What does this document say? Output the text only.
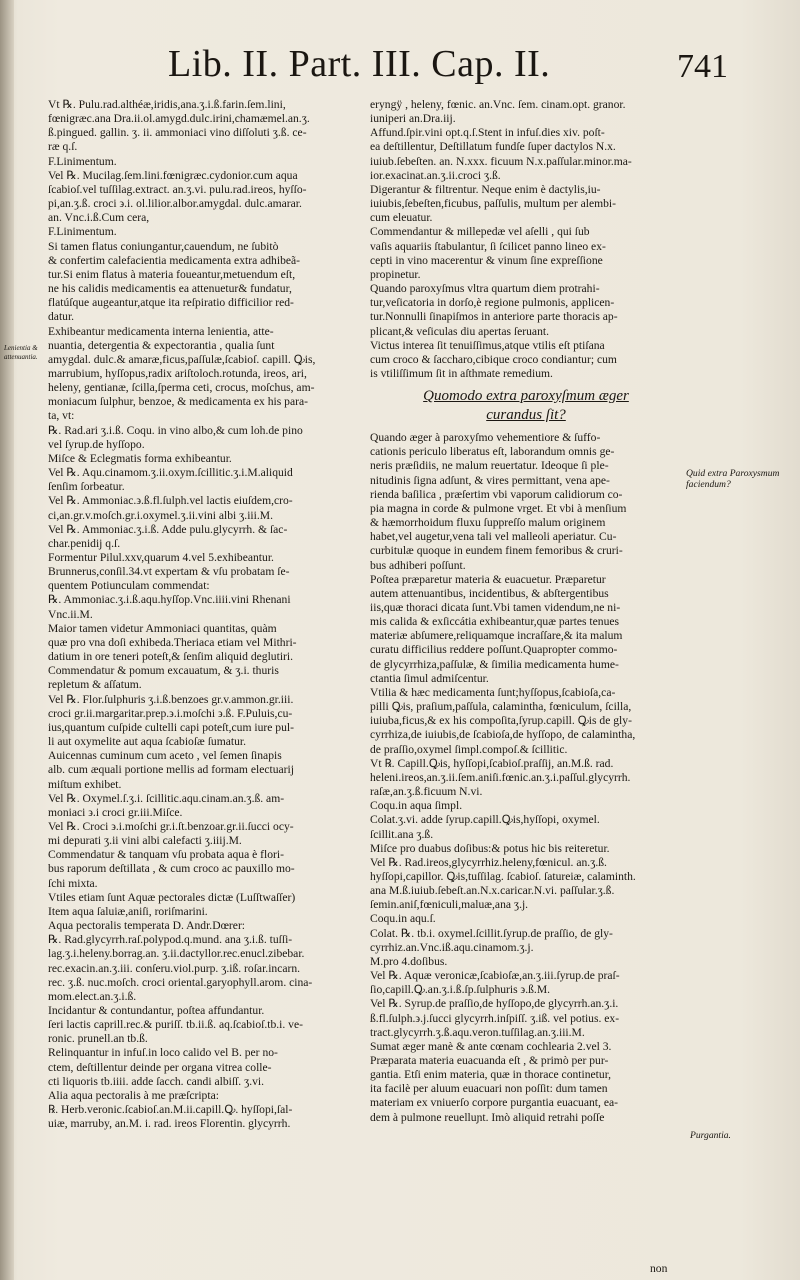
Lib. II. Part. III. Cap. II.	741
Lenientia & attenuantia.
Quid extra Paroxysmum faciendum?
Purgantia.
Vt ℞. Pulu.rad.althéæ,iridis,ana.ʒ.i.ß.farin.ſem.lini,
fœnigræc.ana Dra.ii.ol.amygd.dulc.irini,chamæmel.an.ʒ.
ß.pingued. gallin. ʒ. ii. ammoniaci vino diſſoluti ʒ.ß. ce-
ræ q.ſ.
F.Linimentum.
Vel ℞. Mucilag.ſem.lini.fœnigræc.cydonior.cum aqua
ſcabioſ.vel tuſſilag.extract. an.ʒ.vi. pulu.rad.ireos, hyſſo-
pi,an.ʒ.ß. croci ϶.i. ol.lilior.albor.amygdal. dulc.amarar.
an. Vnc.i.ß.Cum cera,
F.Linimentum.
Si tamen flatus coniungantur,cauendum, ne ſubitò
& confertim calefacientia medicamenta extra adhibeã-
tur.Si enim flatus à materia foueantur,metuendum eſt,
ne his calidis medicamentis ea attenuetur& fundatur,
flatúſque augeantur,atque ita reſpiratio difficilior red-
datur.
Exhibeantur medicamenta interna lenientia, atte-
nuantia, detergentia & expectorantia , qualia ſunt
amygdal. dulc.& amaræ,ficus,paſſulæ,ſcabioſ. capill. Ꝙis,
marrubium, hyſſopus,radix ariſtoloch.rotunda, ireos, ari,
heleny, gentianæ, ſcilla,ſperma ceti, crocus, moſchus, am-
moniacum ſulphur, benzoe, & medicamenta ex his para-
ta, vt:
℞. Rad.ari ʒ.i.ß. Coqu. in vino albo,& cum loh.de pino
vel ſyrup.de hyſſopo.
Miſce & Eclegmatis forma exhibeantur.
Vel ℞. Aqu.cinamom.ʒ.ii.oxym.ſcillitic.ʒ.i.M.aliquid
ſenſim ſorbeatur.
Vel ℞. Ammoniac.϶.ß.fl.ſulph.vel lactis eiuſdem,cro-
ci,an.gr.v.moſch.gr.i.oxymel.ʒ.ii.vini albi ʒ.iii.M.
Vel ℞. Ammoniac.ʒ.i.ß. Adde pulu.glycyrrh. & ſac-
char.penidij q.ſ.
Formentur Pilul.xxv,quarum 4.vel 5.exhibeantur.
Brunnerus,conſil.34.vt expertam & vſu probatam ſe-
quentem Potiunculam commendat:
℞. Ammoniac.ʒ.i.ß.aqu.hyſſop.Vnc.iiii.vini Rhenani
Vnc.ii.M.
Maior tamen videtur Ammoniaci quantitas, quàm
quæ pro vna doſi exhibeda.Theriaca etiam vel Mithri-
datium in ore teneri poteſt,& ſenſim aliquid deglutiri.
Commendatur & pomum excauatum, & ʒ.i. thuris
repletum & aſſatum.
Vel ℞. Flor.ſulphuris ʒ.i.ß.benzoes gr.v.ammon.gr.iii.
croci gr.ii.margaritar.prep.϶.i.moſchi ϶.ß. F.Puluis,cu-
ius,quantum cuſpide cultelli capi poteſt,cum iure pul-
li aut oxymelite aut aqua ſcabioſæ ſumatur.
Auicennas cuminum cum aceto , vel ſemen ſinapis
alb. cum æquali portione mellis ad formam electuarij
miſtum exhibet.
Vel ℞. Oxymel.ſ.ʒ.i. ſcillitic.aqu.cinam.an.ʒ.ß. am-
moniaci ϶.i croci gr.iii.Miſce.
Vel ℞. Croci ϶.i.moſchi gr.i.ſt.benzoar.gr.ii.ſucci ocy-
mi depurati ʒ.ii vini albi calefacti ʒ.iiij.M.
Commendatur & tanquam vſu probata aqua è flori-
bus raporum deſtillata , & cum croco ac pauxillo mo-
ſchi mixta.
Vtiles etiam ſunt Aquæ pectorales dictæ (Luſſtwaſſer)
Item aqua ſaluiæ,aniſi, roriſmarini.
Aqua pectoralis temperata D. Andr.Dœrer:
℞. Rad.glycyrrh.raſ.polypod.q.mund. ana ʒ.i.ß. tuſſi-
lag.ʒ.i.heleny.borrag.an. ʒ.ii.dactyllor.rec.enucl.zibebar.
rec.exacin.an.ʒ.iii. conſeru.viol.purp. ʒ.iß. roſar.incarn.
rec. ʒ.ß. nuc.moſch. croci oriental.garyophyll.arom. cina-
mom.elect.an.ʒ.i.ß.
Incidantur & contundantur, poſtea affundantur.
ſeri lactis caprill.rec.& puriſſ. tb.ii.ß. aq.ſcabioſ.tb.i. ve-
ronic. prunell.an tb.ß.
Relinquantur in infuſ.in loco calido vel B. per no-
ctem, deſtillentur deinde per organa vitrea colle-
cti liquoris tb.iiii. adde ſacch. candi albiſſ. ʒ.vi.
Alia aqua pectoralis à me præſcripta:
℞. Herb.veronic.ſcabioſ.an.M.ii.capill.Ꝙ. hyſſopi,ſal-
uiæ, marruby, an.M. i. rad. ireos Florentin. glycyrrh.
eryngÿ , heleny, fœnic. an.Vnc. ſem. cinam.opt. granor.
iuniperi an.Dra.iij.
Affund.ſpir.vini opt.q.ſ.Stent in infuſ.dies xiv. poſt-
ea deſtillentur, Deſtillatum fundſe ſuper dactylos N.x.
iuiub.ſebeſten. an. N.xxx. ficuum N.x.paſſular.minor.ma-
ior.exacinat.an.ʒ.ii.croci ʒ.ß.
Digerantur & filtrentur. Neque enim è dactylis,iu-
iuiubis,ſebeſten,ficubus, paſſulis, multum per alembi-
cum eleuatur.
Commendantur & millepedæ vel aſelli , qui ſub
vaſis aquariis ſtabulantur, ſi ſcilicet panno lineo ex-
cepti in vino macerentur & vinum ſine expreſſione
propinetur.
Quando paroxyſmus vltra quartum diem protrahi-
tur,veſicatoria in dorſo,è regione pulmonis, applicen-
tur.Nonnulli ſinapiſmos in anteriore parte thoracis ap-
plicant,& veſiculas diu apertas ſeruant.
Victus interea ſit tenuiſſimus,atque vtilis eſt ptiſana
cum croco & ſaccharo,cibique croco condiantur; cum
is vtiliſſimum ſit in aſthmate remedium.
Quomodo extra paroxyſmum æger
curandus ſit?
Quando æger à paroxyſmo vehementiore & ſuffo-
cationis periculo liberatus eſt, laborandum omnis ge-
neris præſidiis, ne malum reuertatur. Ideoque ſi ple-
nitudinis ſigna adſunt, & vires permittant, vena ape-
rienda baſilica , præſertim vbi vaporum calidiorum co-
pia magna in corde & pulmone vrget. Et vbi à menſium
& hæmorrhoidum fluxu ſuppreſſo malum originem
habet,vel augetur,vena tali vel malleoli aperiatur. Cu-
curbitulæ quoque in eundem finem femoribus & cruri-
bus adhiberi poſſunt.
Poſtea præparetur materia & euacuetur. Præparetur
autem attenuantibus, incidentibus, & abſtergentibus
iis,quæ thoraci dicata ſunt.Vbi tamen videndum,ne ni-
mis calida & exſiccátia exhibeantur,quæ partes tenues
materiæ abſumere,reliquamque incraſſare,& ita malum
curatu difficilius reddere poſſunt.Quapropter commo-
de glycyrrhiza,paſſulæ, & ſimilia medicamenta hume-
ctantia ſimul admiſcentur.
Vtilia & hæc medicamenta ſunt;hyſſopus,ſcabioſa,ca-
pilli Ꝙis, praſium,paſſula, calamintha, fœniculum, ſcilla,
iuiuba,ficus,& ex his compoſita,ſyrup.capill. Ꝙis de gly-
cyrrhiza,de iuiubis,de ſcabioſa,de hyſſopo, de calamintha,
de praſſio,oxymel ſimpl.compoſ.& ſcillitic.
Vt ℞. Capill.Ꝙis, hyſſopi,ſcabioſ.praſſij, an.M.ß. rad.
heleni.ireos,an.ʒ.ii.ſem.aniſi.fœnic.an.ʒ.i.paſſul.glycyrrh.
raſæ,an.ʒ.ß.ficuum N.vi.
Coqu.in aqua ſimpl.
Colat.ʒ.vi. adde ſyrup.capill.Ꝙis,hyſſopi, oxymel.
ſcillit.ana ʒ.ß.
Miſce pro duabus doſibus:& potus hic bis reiteretur.
Vel ℞. Rad.ireos,glycyrrhiz.heleny,fœnicul. an.ʒ.ß.
hyſſopi,capillor. Ꝙis,tuſſilag. ſcabioſ. ſatureiæ, calaminth.
ana M.ß.iuiub.ſebeſt.an.N.x.caricar.N.vi. paſſular.ʒ.ß.
ſemin.aniſ,fœniculi,maluæ,ana ʒ.j.
Coqu.in aqu.ſ.
Colat. ℞. tb.i. oxymel.ſcillit.ſyrup.de praſſio, de gly-
cyrrhiz.an.Vnc.iß.aqu.cinamom.ʒ.j.
M.pro 4.doſibus.
Vel ℞. Aquæ veronicæ,ſcabioſæ,an.ʒ.iii.ſyrup.de praſ-
ſio,capill.Ꝙ.an.ʒ.i.ß.ſp.ſulphuris ϶.ß.M.
Vel ℞. Syrup.de praſſio,de hyſſopo,de glycyrrh.an.ʒ.i.
ß.fl.ſulph.϶.j.ſucci glycyrrh.inſpiſſ. ʒ.iß. vel potius. ex-
tract.glycyrrh.ʒ.ß.aqu.veron.tuſſilag.an.ʒ.iii.M.
Sumat æger manè & ante cœnam cochlearia 2.vel 3.
Præparata materia euacuanda eſt , & primò per pur-
gantia. Etſi enim materia, quæ in thorace continetur,
ita facilè per aluum euacuari non poſſit: dum tamen
materiam ex vniuerſo corpore purgantia euacuant, ea-
dem à pulmone reuelluɲt. Imò aliquid retrahi poſſe
non
